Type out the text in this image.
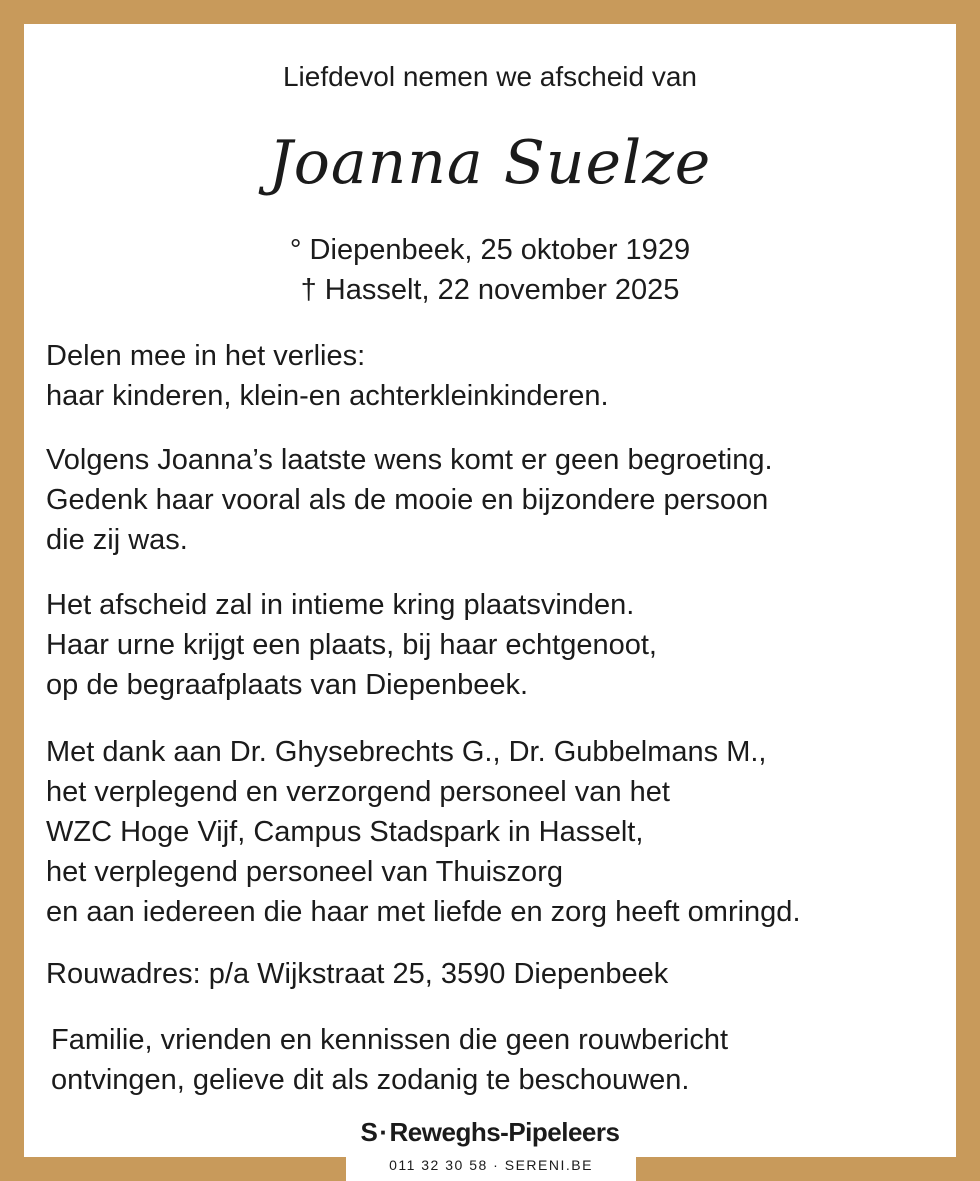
Liefdevol nemen we afscheid van
Joanna Suelze
° Diepenbeek, 25 oktober 1929
† Hasselt, 22 november 2025
Delen mee in het verlies:
haar kinderen, klein-en achterkleinkinderen.
Volgens Joanna’s laatste wens komt er geen begroeting.
Gedenk haar vooral als de mooie en bijzondere persoon
die zij was.
Het afscheid zal in intieme kring plaatsvinden.
Haar urne krijgt een plaats, bij haar echtgenoot,
op de begraafplaats van Diepenbeek.
Met dank aan Dr. Ghysebrechts G., Dr. Gubbelmans M.,
het verplegend en verzorgend personeel van het
WZC Hoge Vijf, Campus Stadspark in Hasselt,
het verplegend personeel van Thuiszorg
en aan iedereen die haar met liefde en zorg heeft omringd.
Rouwadres: p/a Wijkstraat 25, 3590 Diepenbeek
Familie, vrienden en kennissen die geen rouwbericht
ontvingen, gelieve dit als zodanig te beschouwen.
S·Reweghs-Pipeleers
011 32 30 58 · SERENI.BE
